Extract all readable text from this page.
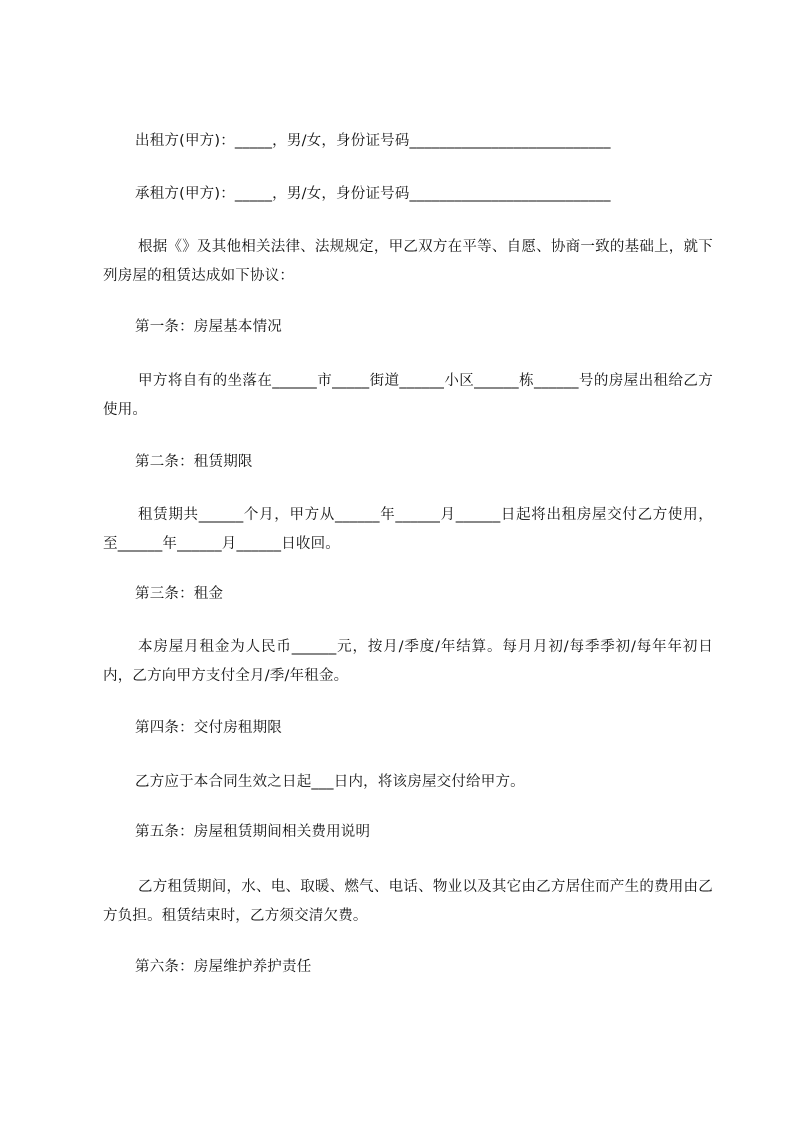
出租方(甲方)：_____，男/女，身份证号码___________________________
承租方(甲方)：_____，男/女，身份证号码___________________________
根据《》及其他相关法律、法规规定，甲乙双方在平等、自愿、协商一致的基础上，就下列房屋的租赁达成如下协议：
第一条：房屋基本情况
甲方将自有的坐落在______市_____街道______小区______栋______号的房屋出租给乙方使用。
第二条：租赁期限
租赁期共______个月，甲方从______年______月______日起将出租房屋交付乙方使用，至______年______月______日收回。
第三条：租金
本房屋月租金为人民币______元，按月/季度/年结算。每月月初/每季季初/每年年初日内，乙方向甲方支付全月/季/年租金。
第四条：交付房租期限
乙方应于本合同生效之日起___日内，将该房屋交付给甲方。
第五条：房屋租赁期间相关费用说明
乙方租赁期间，水、电、取暖、燃气、电话、物业以及其它由乙方居住而产生的费用由乙方负担。租赁结束时，乙方须交清欠费。
第六条：房屋维护养护责任
